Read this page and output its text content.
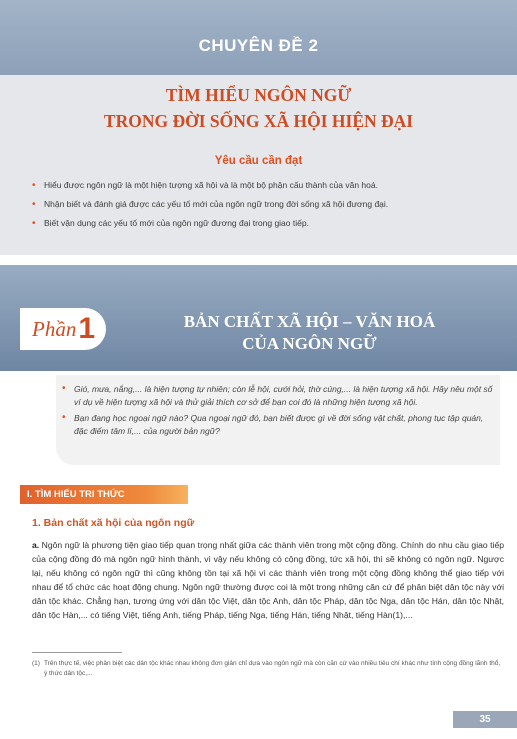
CHUYÊN ĐỀ 2
TÌM HIỂU NGÔN NGỮ
TRONG ĐỜI SỐNG XÃ HỘI HIỆN ĐẠI
Yêu cầu cần đạt
• Hiểu được ngôn ngữ là một hiện tượng xã hội và là một bộ phận cấu thành của văn hoá.
• Nhận biết và đánh giá được các yếu tố mới của ngôn ngữ trong đời sống xã hội đương đại.
• Biết vận dụng các yếu tố mới của ngôn ngữ đương đại trong giao tiếp.
Phần1	BẢN CHẤT XÃ HỘI – VĂN HOÁ
CỦA NGÔN NGỮ
• Gió, mưa, nắng,... là hiện tượng tự nhiên; còn lễ hội, cưới hỏi, thờ cúng,... là hiện tượng xã hội. Hãy nêu một số ví dụ về hiện tượng xã hội và thử giải thích cơ sở để bạn coi đó là những hiện tượng xã hội.
• Bạn đang học ngoại ngữ nào? Qua ngoại ngữ đó, bạn biết được gì về đời sống vật chất, phong tục tập quán, đặc điểm tâm lí,... của người bản ngữ?
I. TÌM HIỂU TRI THỨC
1. Bản chất xã hội của ngôn ngữ

a. Ngôn ngữ là phương tiện giao tiếp quan trọng nhất giữa các thành viên trong một cộng đồng. Chính do nhu cầu giao tiếp của cộng đồng đó mà ngôn ngữ hình thành, vì vậy nếu không có cộng đồng, tức xã hội, thì sẽ không có ngôn ngữ. Ngược lại, nếu không có ngôn ngữ thì cũng không tồn tại xã hội vì các thành viên trong một cộng đồng không thể giao tiếp với nhau để tổ chức các hoạt động chung. Ngôn ngữ thường được coi là một trong những căn cứ để phân biệt dân tộc này với dân tộc khác. Chẳng hạn, tương ứng với dân tộc Việt, dân tộc Anh, dân tộc Pháp, dân tộc Nga, dân tộc Hán, dân tộc Nhật, dân tộc Hàn,... có tiếng Việt, tiếng Anh, tiếng Pháp, tiếng Nga, tiếng Hán, tiếng Nhật, tiếng Hàn(1),...

(1) Trên thực tế, việc phân biệt các dân tộc khác nhau không đơn giản chỉ dựa vào ngôn ngữ mà còn căn cứ vào nhiều tiêu chí khác như tính cộng đồng lãnh thổ, ý thức dân tộc,...

35
